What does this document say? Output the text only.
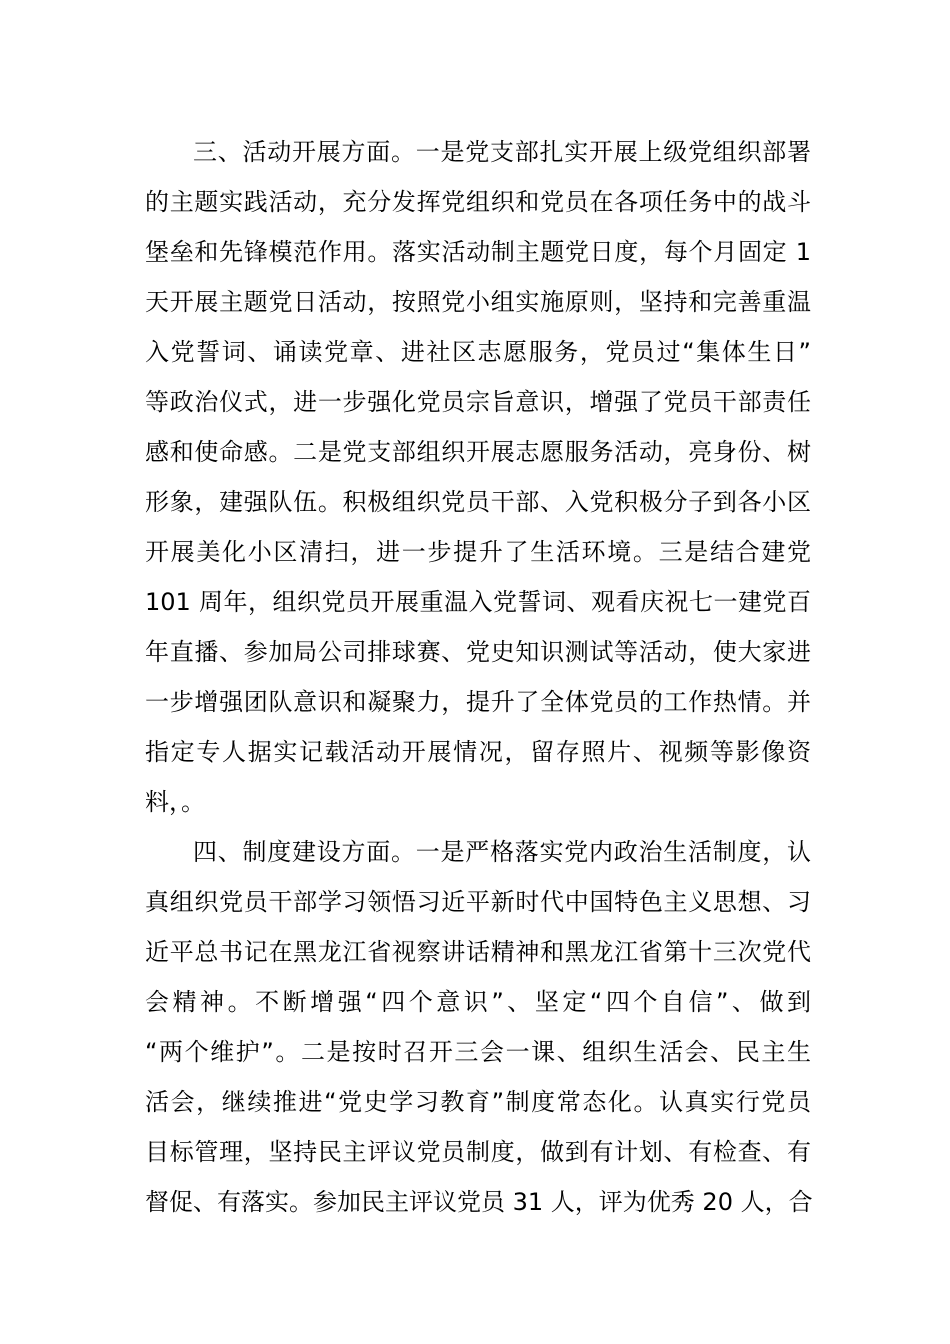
三、活动开展方面。一是党支部扎实开展上级党组织部署
的主题实践活动，充分发挥党组织和党员在各项任务中的战斗
堡垒和先锋模范作用。落实活动制主题党日度，每个月固定 1
天开展主题党日活动，按照党小组实施原则，坚持和完善重温
入党誓词、诵读党章、进社区志愿服务，党员过“集体生日”
等政治仪式，进一步强化党员宗旨意识，增强了党员干部责任
感和使命感。二是党支部组织开展志愿服务活动，亮身份、树
形象，建强队伍。积极组织党员干部、入党积极分子到各小区
开展美化小区清扫，进一步提升了生活环境。三是结合建党
101 周年，组织党员开展重温入党誓词、观看庆祝七一建党百
年直播、参加局公司排球赛、党史知识测试等活动，使大家进
一步增强团队意识和凝聚力，提升了全体党员的工作热情。并
指定专人据实记载活动开展情况，留存照片、视频等影像资
料，。
四、制度建设方面。一是严格落实党内政治生活制度，认
真组织党员干部学习领悟习近平新时代中国特色主义思想、习
近平总书记在黑龙江省视察讲话精神和黑龙江省第十三次党代
会精神。不断增强“四个意识”、坚定“四个自信”、做到
“两个维护”。二是按时召开三会一课、组织生活会、民主生
活会，继续推进“党史学习教育”制度常态化。认真实行党员
目标管理，坚持民主评议党员制度，做到有计划、有检查、有
督促、有落实。参加民主评议党员 31 人，评为优秀 20 人，合
